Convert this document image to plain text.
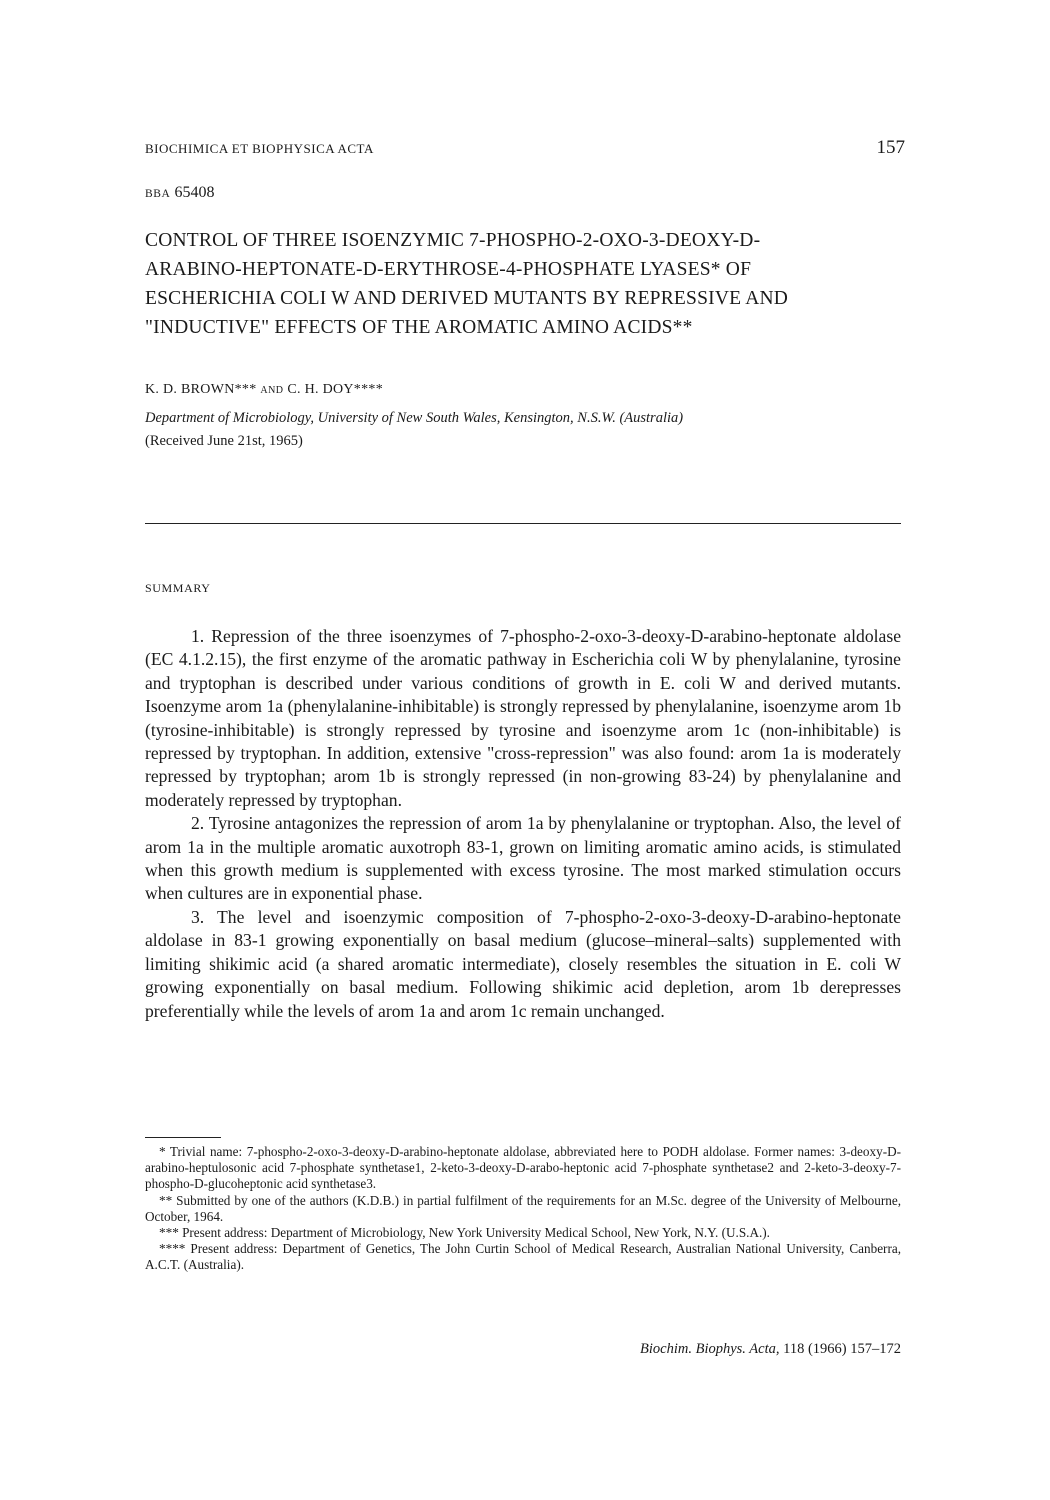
BIOCHIMICA ET BIOPHYSICA ACTA	157
BBA 65408
CONTROL OF THREE ISOENZYMIC 7-PHOSPHO-2-OXO-3-DEOXY-D-
ARABINO-HEPTONATE-D-ERYTHROSE-4-PHOSPHATE LYASES* OF
ESCHERICHIA COLI W AND DERIVED MUTANTS BY REPRESSIVE AND
"INDUCTIVE" EFFECTS OF THE AROMATIC AMINO ACIDS**
K. D. BROWN*** AND C. H. DOY****
Department of Microbiology, University of New South Wales, Kensington, N.S.W. (Australia)
(Received June 21st, 1965)
SUMMARY

1. Repression of the three isoenzymes of 7-phospho-2-oxo-3-deoxy-D-arabino-heptonate aldolase (EC 4.1.2.15), the first enzyme of the aromatic pathway in Escherichia coli W by phenylalanine, tyrosine and tryptophan is described under various conditions of growth in E. coli W and derived mutants. Isoenzyme arom 1a (phenylalanine-inhibitable) is strongly repressed by phenylalanine, isoenzyme arom 1b (tyrosine-inhibitable) is strongly repressed by tyrosine and isoenzyme arom 1c (non-inhibitable) is repressed by tryptophan. In addition, extensive "cross-repression" was also found: arom 1a is moderately repressed by tryptophan; arom 1b is strongly repressed (in non-growing 83-24) by phenylalanine and moderately repressed by tryptophan.

2. Tyrosine antagonizes the repression of arom 1a by phenylalanine or tryptophan. Also, the level of arom 1a in the multiple aromatic auxotroph 83-1, grown on limiting aromatic amino acids, is stimulated when this growth medium is supplemented with excess tyrosine. The most marked stimulation occurs when cultures are in exponential phase.

3. The level and isoenzymic composition of 7-phospho-2-oxo-3-deoxy-D-arabino-heptonate aldolase in 83-1 growing exponentially on basal medium (glucose–mineral–salts) supplemented with limiting shikimic acid (a shared aromatic intermediate), closely resembles the situation in E. coli W growing exponentially on basal medium. Following shikimic acid depletion, arom 1b derepresses preferentially while the levels of arom 1a and arom 1c remain unchanged.

* Trivial name: 7-phospho-2-oxo-3-deoxy-D-arabino-heptonate aldolase, abbreviated here to PODH aldolase. Former names: 3-deoxy-D-arabino-heptulosonic acid 7-phosphate synthetase1, 2-keto-3-deoxy-D-arabo-heptonic acid 7-phosphate synthetase2 and 2-keto-3-deoxy-7-phospho-D-glucoheptonic acid synthetase3.

** Submitted by one of the authors (K.D.B.) in partial fulfilment of the requirements for an M.Sc. degree of the University of Melbourne, October, 1964.

*** Present address: Department of Microbiology, New York University Medical School, New York, N.Y. (U.S.A.).

**** Present address: Department of Genetics, The John Curtin School of Medical Research, Australian National University, Canberra, A.C.T. (Australia).

Biochim. Biophys. Acta, 118 (1966) 157–172
